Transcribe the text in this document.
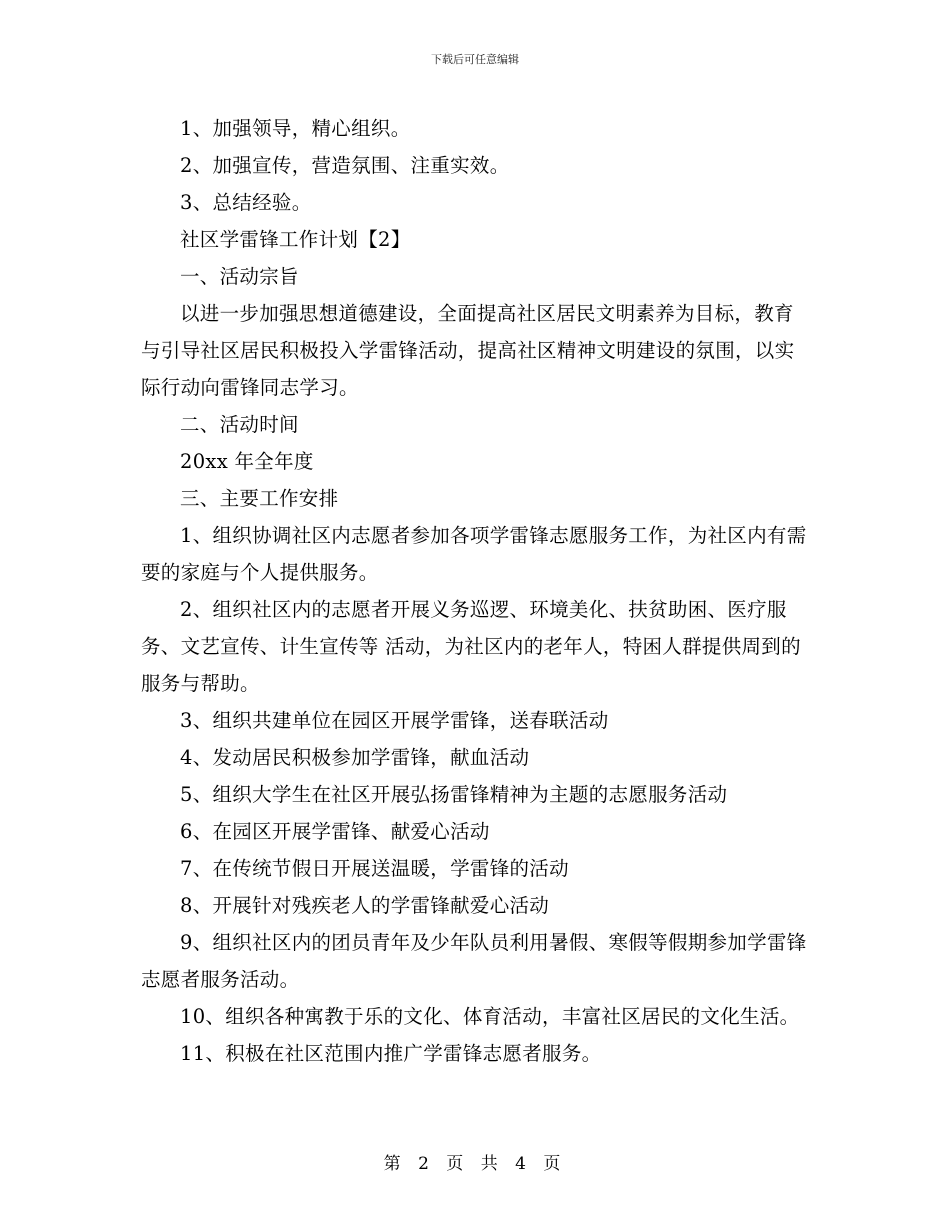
下载后可任意编辑

1、加强领导，精心组织。

2、加强宣传，营造氛围、注重实效。

3、总结经验。

社区学雷锋工作计划【2】

一、活动宗旨

以进一步加强思想道德建设，全面提高社区居民文明素养为目标，教育与引导社区居民积极投入学雷锋活动，提高社区精神文明建设的氛围，以实际行动向雷锋同志学习。

二、活动时间

20xx 年全年度

三、主要工作安排

1、组织协调社区内志愿者参加各项学雷锋志愿服务工作，为社区内有需要的家庭与个人提供服务。

2、组织社区内的志愿者开展义务巡逻、环境美化、扶贫助困、医疗服务、文艺宣传、计生宣传等 活动，为社区内的老年人，特困人群提供周到的服务与帮助。

3、组织共建单位在园区开展学雷锋，送春联活动

4、发动居民积极参加学雷锋，献血活动

5、组织大学生在社区开展弘扬雷锋精神为主题的志愿服务活动

6、在园区开展学雷锋、献爱心活动

7、在传统节假日开展送温暖，学雷锋的活动

8、开展针对残疾老人的学雷锋献爱心活动

9、组织社区内的团员青年及少年队员利用暑假、寒假等假期参加学雷锋志愿者服务活动。

10、组织各种寓教于乐的文化、体育活动，丰富社区居民的文化生活。

11、积极在社区范围内推广学雷锋志愿者服务。

第 2 页 共 4 页
